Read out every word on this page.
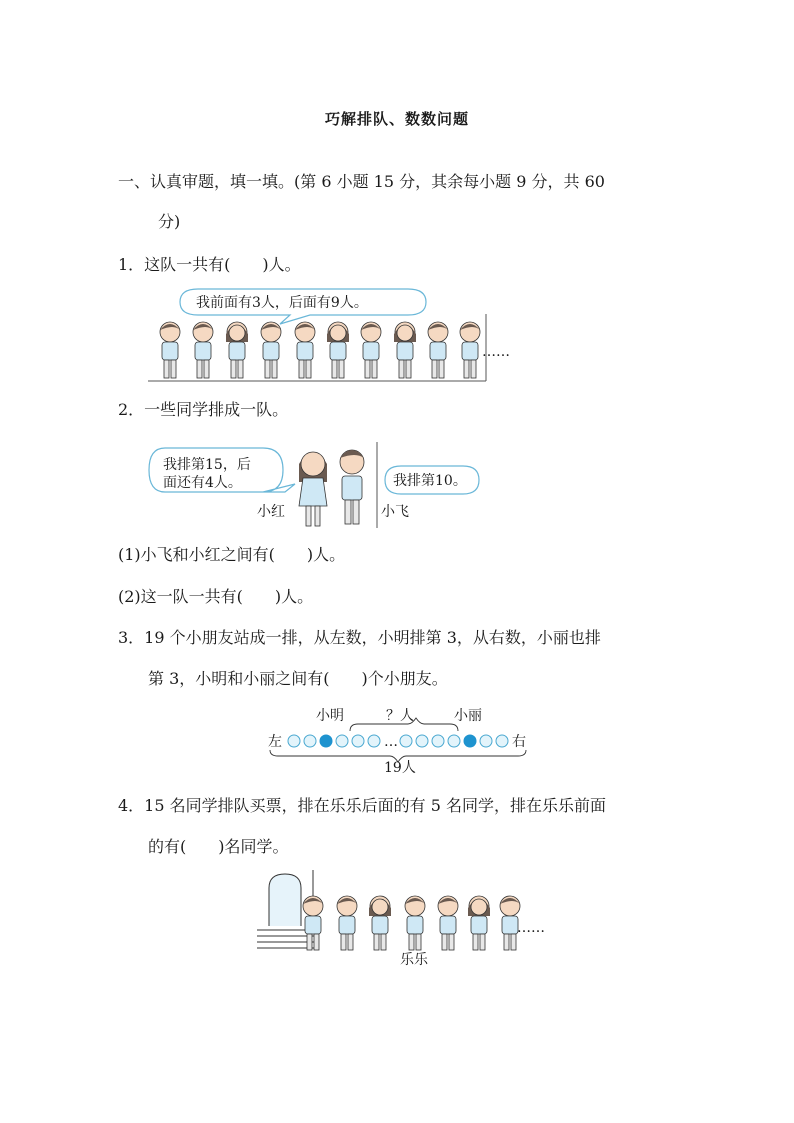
巧解排队、数数问题
一、认真审题，填一填。(第 6 小题 15 分，其余每小题 9 分，共 60
分)
1．这队一共有(　　)人。
我前面有3人，后面有9人。
……
2．一些同学排成一队。
我排第15，后
面还有4人。	我排第10。
小红	小飞
(1)小飞和小红之间有(　　)人。
(2)这一队一共有(　　)人。
3．19 个小朋友站成一排，从左数，小明排第 3，从右数，小丽也排
第 3，小明和小丽之间有(　　)个小朋友。
小明	？人	小丽
左	…	右
19人
4．15 名同学排队买票，排在乐乐后面的有 5 名同学，排在乐乐前面
的有(　　)名同学。
……
乐乐
